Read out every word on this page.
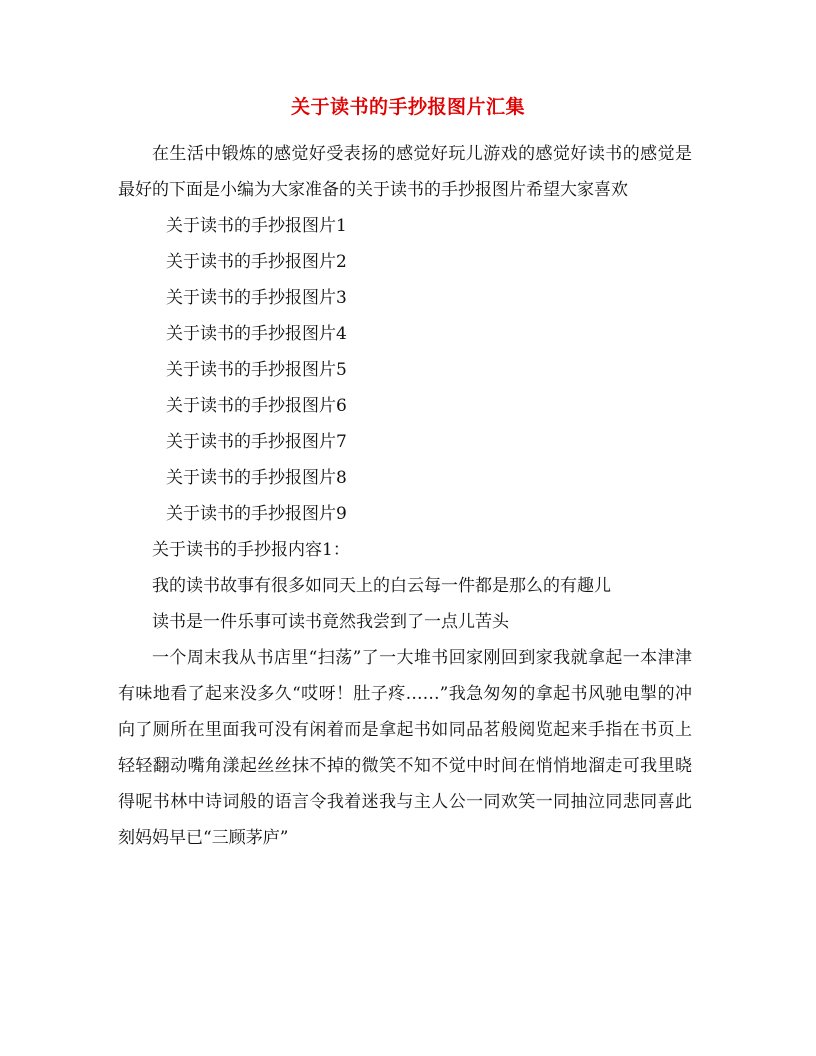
关于读书的手抄报图片汇集

在生活中锻炼的感觉好受表扬的感觉好玩儿游戏的感觉好读书的感觉是最好的下面是小编为大家准备的关于读书的手抄报图片希望大家喜欢

关于读书的手抄报图片1
关于读书的手抄报图片2
关于读书的手抄报图片3
关于读书的手抄报图片4
关于读书的手抄报图片5
关于读书的手抄报图片6
关于读书的手抄报图片7
关于读书的手抄报图片8
关于读书的手抄报图片9

关于读书的手抄报内容1：

我的读书故事有很多如同天上的白云每一件都是那么的有趣儿

读书是一件乐事可读书竟然我尝到了一点儿苦头

一个周末我从书店里“扫荡”了一大堆书回家刚回到家我就拿起一本津津有味地看了起来没多久“哎呀！肚子疼……”我急匆匆的拿起书风驰电掣的冲向了厕所在里面我可没有闲着而是拿起书如同品茗般阅览起来手指在书页上轻轻翻动嘴角漾起丝丝抹不掉的微笑不知不觉中时间在悄悄地溜走可我里晓得呢书林中诗词般的语言令我着迷我与主人公一同欢笑一同抽泣同悲同喜此刻妈妈早已“三顾茅庐”
